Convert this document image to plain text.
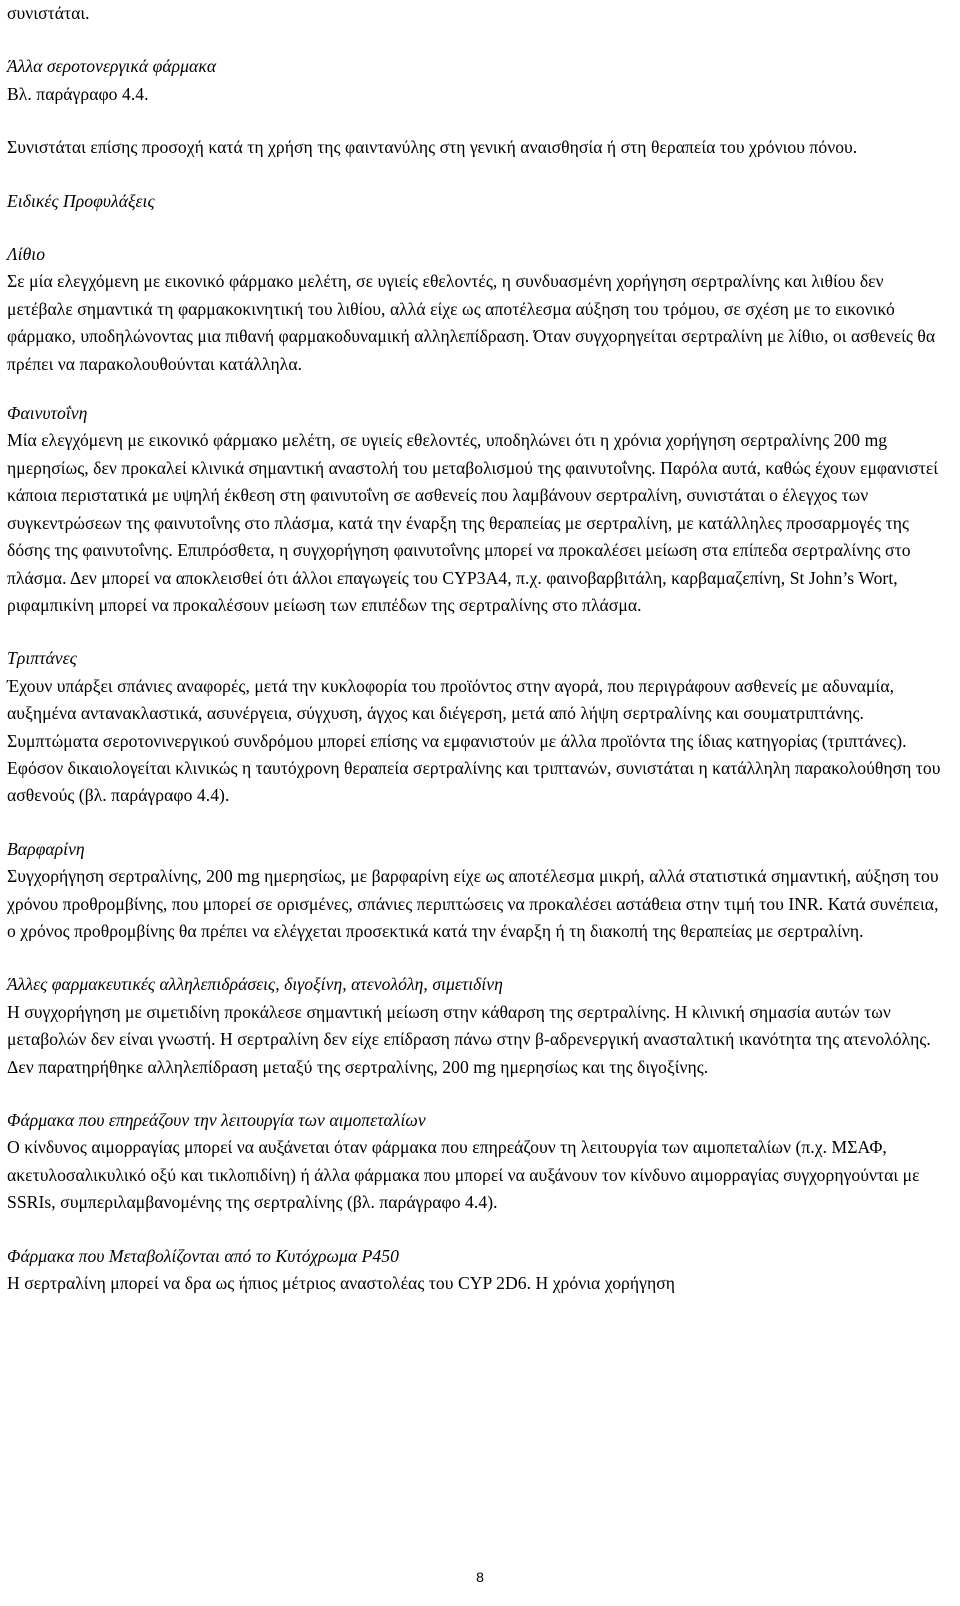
συνιστάται.

Άλλα σεροτονεργικά φάρμακα

Βλ. παράγραφο 4.4.

Συνιστάται επίσης προσοχή κατά τη χρήση της φαιντανύλης στη γενική αναισθησία ή στη θεραπεία του χρόνιου πόνου.

Ειδικές Προφυλάξεις

Λίθιο

Σε μία ελεγχόμενη με εικονικό φάρμακο μελέτη, σε υγιείς εθελοντές, η συνδυασμένη χορήγηση σερτραλίνης και λιθίου δεν μετέβαλε σημαντικά τη φαρμακοκινητική του λιθίου, αλλά είχε ως αποτέλεσμα αύξηση του τρόμου, σε σχέση με το εικονικό φάρμακο, υποδηλώνοντας μια πιθανή φαρμακοδυναμική αλληλεπίδραση. Όταν συγχορηγείται σερτραλίνη με λίθιο, οι ασθενείς θα πρέπει να παρακολουθούνται κατάλληλα.

Φαινυτοΐνη

Μία ελεγχόμενη με εικονικό φάρμακο μελέτη, σε υγιείς εθελοντές, υποδηλώνει ότι η χρόνια χορήγηση σερτραλίνης 200 mg ημερησίως, δεν προκαλεί κλινικά σημαντική αναστολή του μεταβολισμού της φαινυτοΐνης. Παρόλα αυτά, καθώς έχουν εμφανιστεί κάποια περιστατικά με υψηλή έκθεση στη φαινυτοΐνη σε ασθενείς που λαμβάνουν σερτραλίνη, συνιστάται ο έλεγχος των συγκεντρώσεων της φαινυτοΐνης στο πλάσμα, κατά την έναρξη της θεραπείας με σερτραλίνη, με κατάλληλες προσαρμογές της δόσης της φαινυτοΐνης. Επιπρόσθετα, η συγχορήγηση φαινυτοΐνης μπορεί να προκαλέσει μείωση στα επίπεδα σερτραλίνης στο πλάσμα. Δεν μπορεί να αποκλεισθεί ότι άλλοι επαγωγείς του CYP3A4, π.χ. φαινοβαρβιτάλη, καρβαμαζεπίνη, St John’s Wort, ριφαμπικίνη μπορεί να προκαλέσουν μείωση των επιπέδων της σερτραλίνης στο πλάσμα.

Τριπτάνες

Έχουν υπάρξει σπάνιες αναφορές, μετά την κυκλοφορία του προϊόντος στην αγορά, που περιγράφουν ασθενείς με αδυναμία, αυξημένα αντανακλαστικά, ασυνέργεια, σύγχυση, άγχος και διέγερση, μετά από λήψη σερτραλίνης και σουματριπτάνης. Συμπτώματα σεροτονινεργικού συνδρόμου μπορεί επίσης να εμφανιστούν με άλλα προϊόντα της ίδιας κατηγορίας (τριπτάνες). Εφόσον δικαιολογείται κλινικώς η ταυτόχρονη θεραπεία σερτραλίνης και τριπτανών, συνιστάται η κατάλληλη παρακολούθηση του ασθενούς (βλ. παράγραφο 4.4).

Βαρφαρίνη

Συγχορήγηση σερτραλίνης, 200 mg ημερησίως, με βαρφαρίνη είχε ως αποτέλεσμα μικρή, αλλά στατιστικά σημαντική, αύξηση του χρόνου προθρομβίνης, που μπορεί σε ορισμένες, σπάνιες περιπτώσεις να προκαλέσει αστάθεια στην τιμή του INR. Κατά συνέπεια, ο χρόνος προθρομβίνης θα πρέπει να ελέγχεται προσεκτικά κατά την έναρξη ή τη διακοπή της θεραπείας με σερτραλίνη.

Άλλες φαρμακευτικές αλληλεπιδράσεις, διγοξίνη, ατενολόλη, σιμετιδίνη

Η συγχορήγηση με σιμετιδίνη προκάλεσε σημαντική μείωση στην κάθαρση της σερτραλίνης. Η κλινική σημασία αυτών των μεταβολών δεν είναι γνωστή. Η σερτραλίνη δεν είχε επίδραση πάνω στην β-αδρενεργική ανασταλτική ικανότητα της ατενολόλης. Δεν παρατηρήθηκε αλληλεπίδραση μεταξύ της σερτραλίνης, 200 mg ημερησίως και της διγοξίνης.

Φάρμακα που επηρεάζουν την λειτουργία των αιμοπεταλίων

Ο κίνδυνος αιμορραγίας μπορεί να αυξάνεται όταν φάρμακα που επηρεάζουν τη λειτουργία των αιμοπεταλίων (π.χ. ΜΣΑΦ, ακετυλοσαλικυλικό οξύ και τικλοπιδίνη) ή άλλα φάρμακα που μπορεί να αυξάνουν τον κίνδυνο αιμορραγίας συγχορηγούνται με SSRIs, συμπεριλαμβανομένης της σερτραλίνης (βλ. παράγραφο 4.4).

Φάρμακα που Μεταβολίζονται από το Κυτόχρωμα P450

Η σερτραλίνη μπορεί να δρα ως ήπιος μέτριος αναστολέας του CYP 2D6. Η χρόνια χορήγηση

8
